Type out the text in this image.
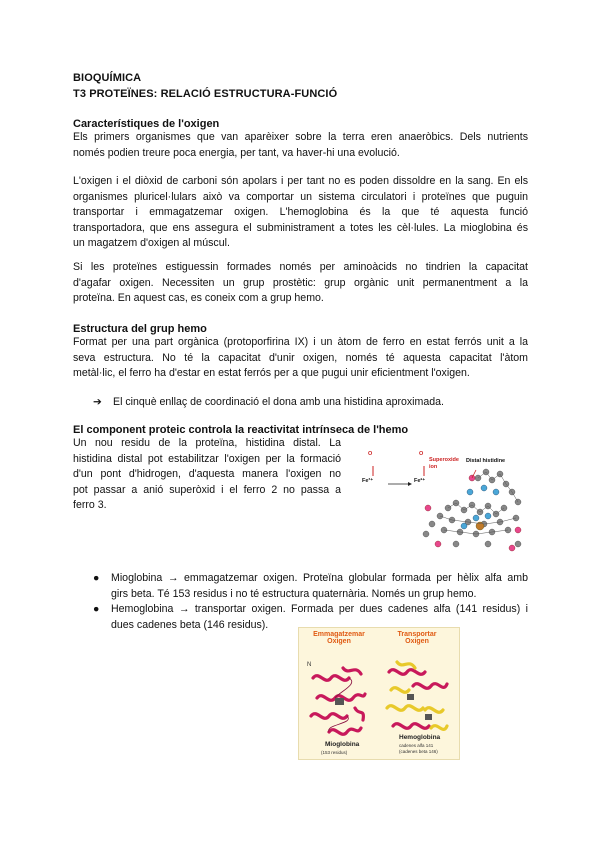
BIOQUÍMICA
T3 PROTEÏNES: RELACIÓ ESTRUCTURA-FUNCIÓ
Característiques de l'oxigen
Els primers organismes que van aparèixer sobre la terra eren anaeròbics. Dels nutrients
només podien treure poca energia, per tant, va haver-hi una evolució.
L'oxigen i el diòxid de carboni són apolars i per tant no es poden dissoldre en la sang. En els
organismes pluricel·lulars això va comportar un sistema circulatori i proteïnes que puguin
transportar i emmagatzemar oxigen. L'hemoglobina és la que té aquesta funció
transportadora, que ens assegura el subministrament a totes les cèl·lules. La mioglobina és
un magatzem d'oxigen al múscul.
Si les proteïnes estiguessin formades només per aminoàcids no tindrien la capacitat
d'agafar oxigen. Necessiten un grup prostètic: grup orgànic unit permanentment a la
proteïna. En aquest cas, es coneix com a grup hemo.
Estructura del grup hemo
Format per una part orgànica (protoporfirina IX) i un àtom de ferro en estat ferrós unit a la
seva estructura. No té la capacitat d'unir oxigen, només té aquesta capacitat l'àtom
metàl·lic, el ferro ha d'estar en estat ferrós per a que pugui unir eficientment l'oxigen.
➔ El cinquè enllaç de coordinació el dona amb una histidina aproximada.
El component proteic controla la reactivitat intrínseca de l'hemo
Un nou residu de la proteïna, histidina distal. La
histidina distal pot estabilitzar l'oxigen per la formació
d'un pont d'hidrogen, d'aquesta manera l'oxigen no
pot passar a anió superòxid i el ferro 2 no passa a
ferro 3.
O	O
Fe³⁺	Fe²⁺
Superoxide
ion
Distal histidine
● Mioglobina → emmagatzemar oxigen. Proteïna globular formada per hèlix alfa amb
girs beta. Té 153 residus i no té estructura quaternària. Només un grup hemo.
● Hemoglobina → transportar oxigen. Formada per dues cadenes alfa (141 residus) i
dues cadenes beta (146 residus).
Emmagatzemar
Oxigen
Transportar
Oxigen
N
Mioglobina
(153 residus)
Hemoglobina
cadenes alfa 141
(cadenes beta 146)
